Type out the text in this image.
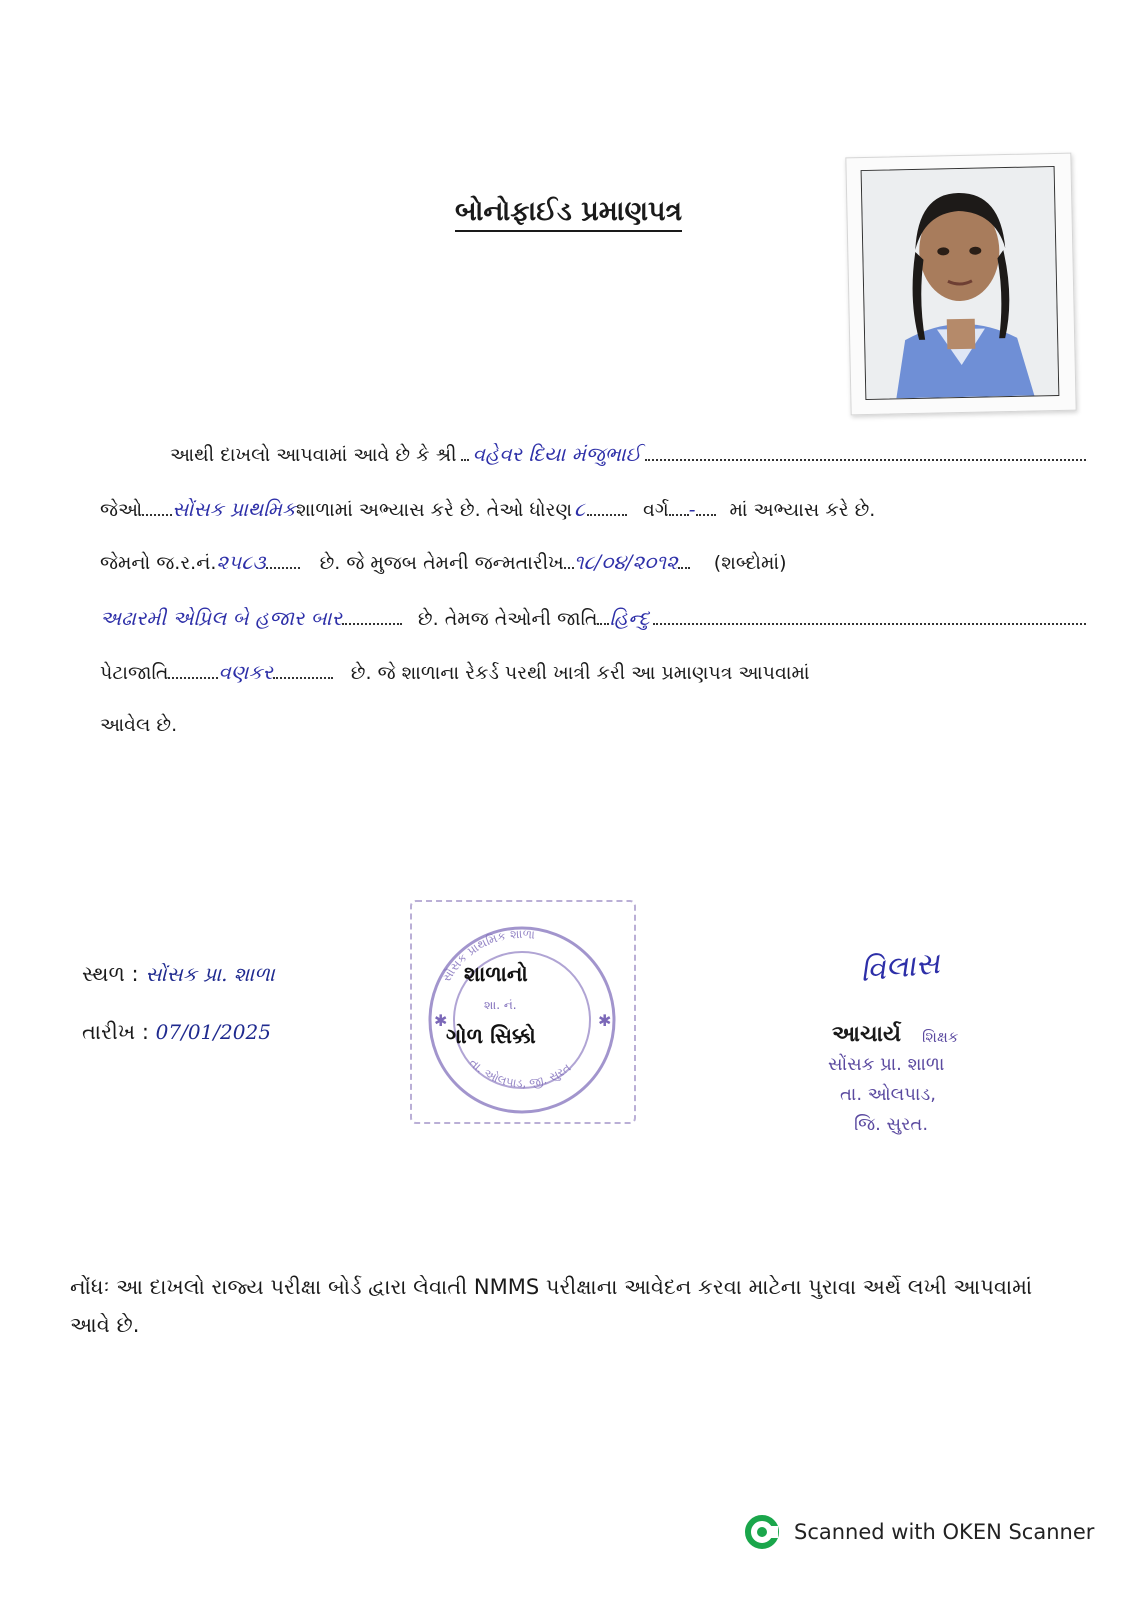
બોનોફાઈડ પ્રમાણપત્ર
આથી દાખલો આપવામાં આવે છે કે શ્રી વહેવર દિયા મંજુભાઈ
જેઓ સોંસક પ્રાથમિક શાળામાં અભ્યાસ કરે છે. તેઓ ધોરણ ૮	વર્ગ - માં અભ્યાસ કરે છે.
જેમનો જ.ર.નં. ૨૫૮૩	છે. જે મુજબ તેમની જન્મતારીખ ૧૮/૦૪/૨૦૧૨ (શબ્દોમાં)
અઢારમી એપ્રિલ બે હજાર બાર	છે. તેમજ તેઓની જાતિ હિન્દુ
પેટાજાતિ	વણકર	છે. જે શાળાના રેકર્ડ પરથી ખાત્રી કરી આ પ્રમાણપત્ર આપવામાં
આવેલ છે.
સ્થળ : સોંસક પ્રા. શાળા
તારીખ : 07/01/2025
સોંસક પ્રાથમિક શાળા
તા. ઓલપાડ, જી. સુરત
✱	✱
શાળાનો
શા. નં.
ગોળ સિક્કો
વિલાસ
આચાર્ય શિક્ષક
સોંસક પ્રા. શાળા
તા. ઓલપાડ,
જિ. સુરત.
નોંધઃ આ દાખલો રાજ્ય પરીક્ષા બોર્ડ દ્વારા લેવાતી NMMS પરીક્ષાના આવેદન કરવા માટેના પુરાવા અર્થે લખી આપવામાં આવે છે.
Scanned with OKEN Scanner
